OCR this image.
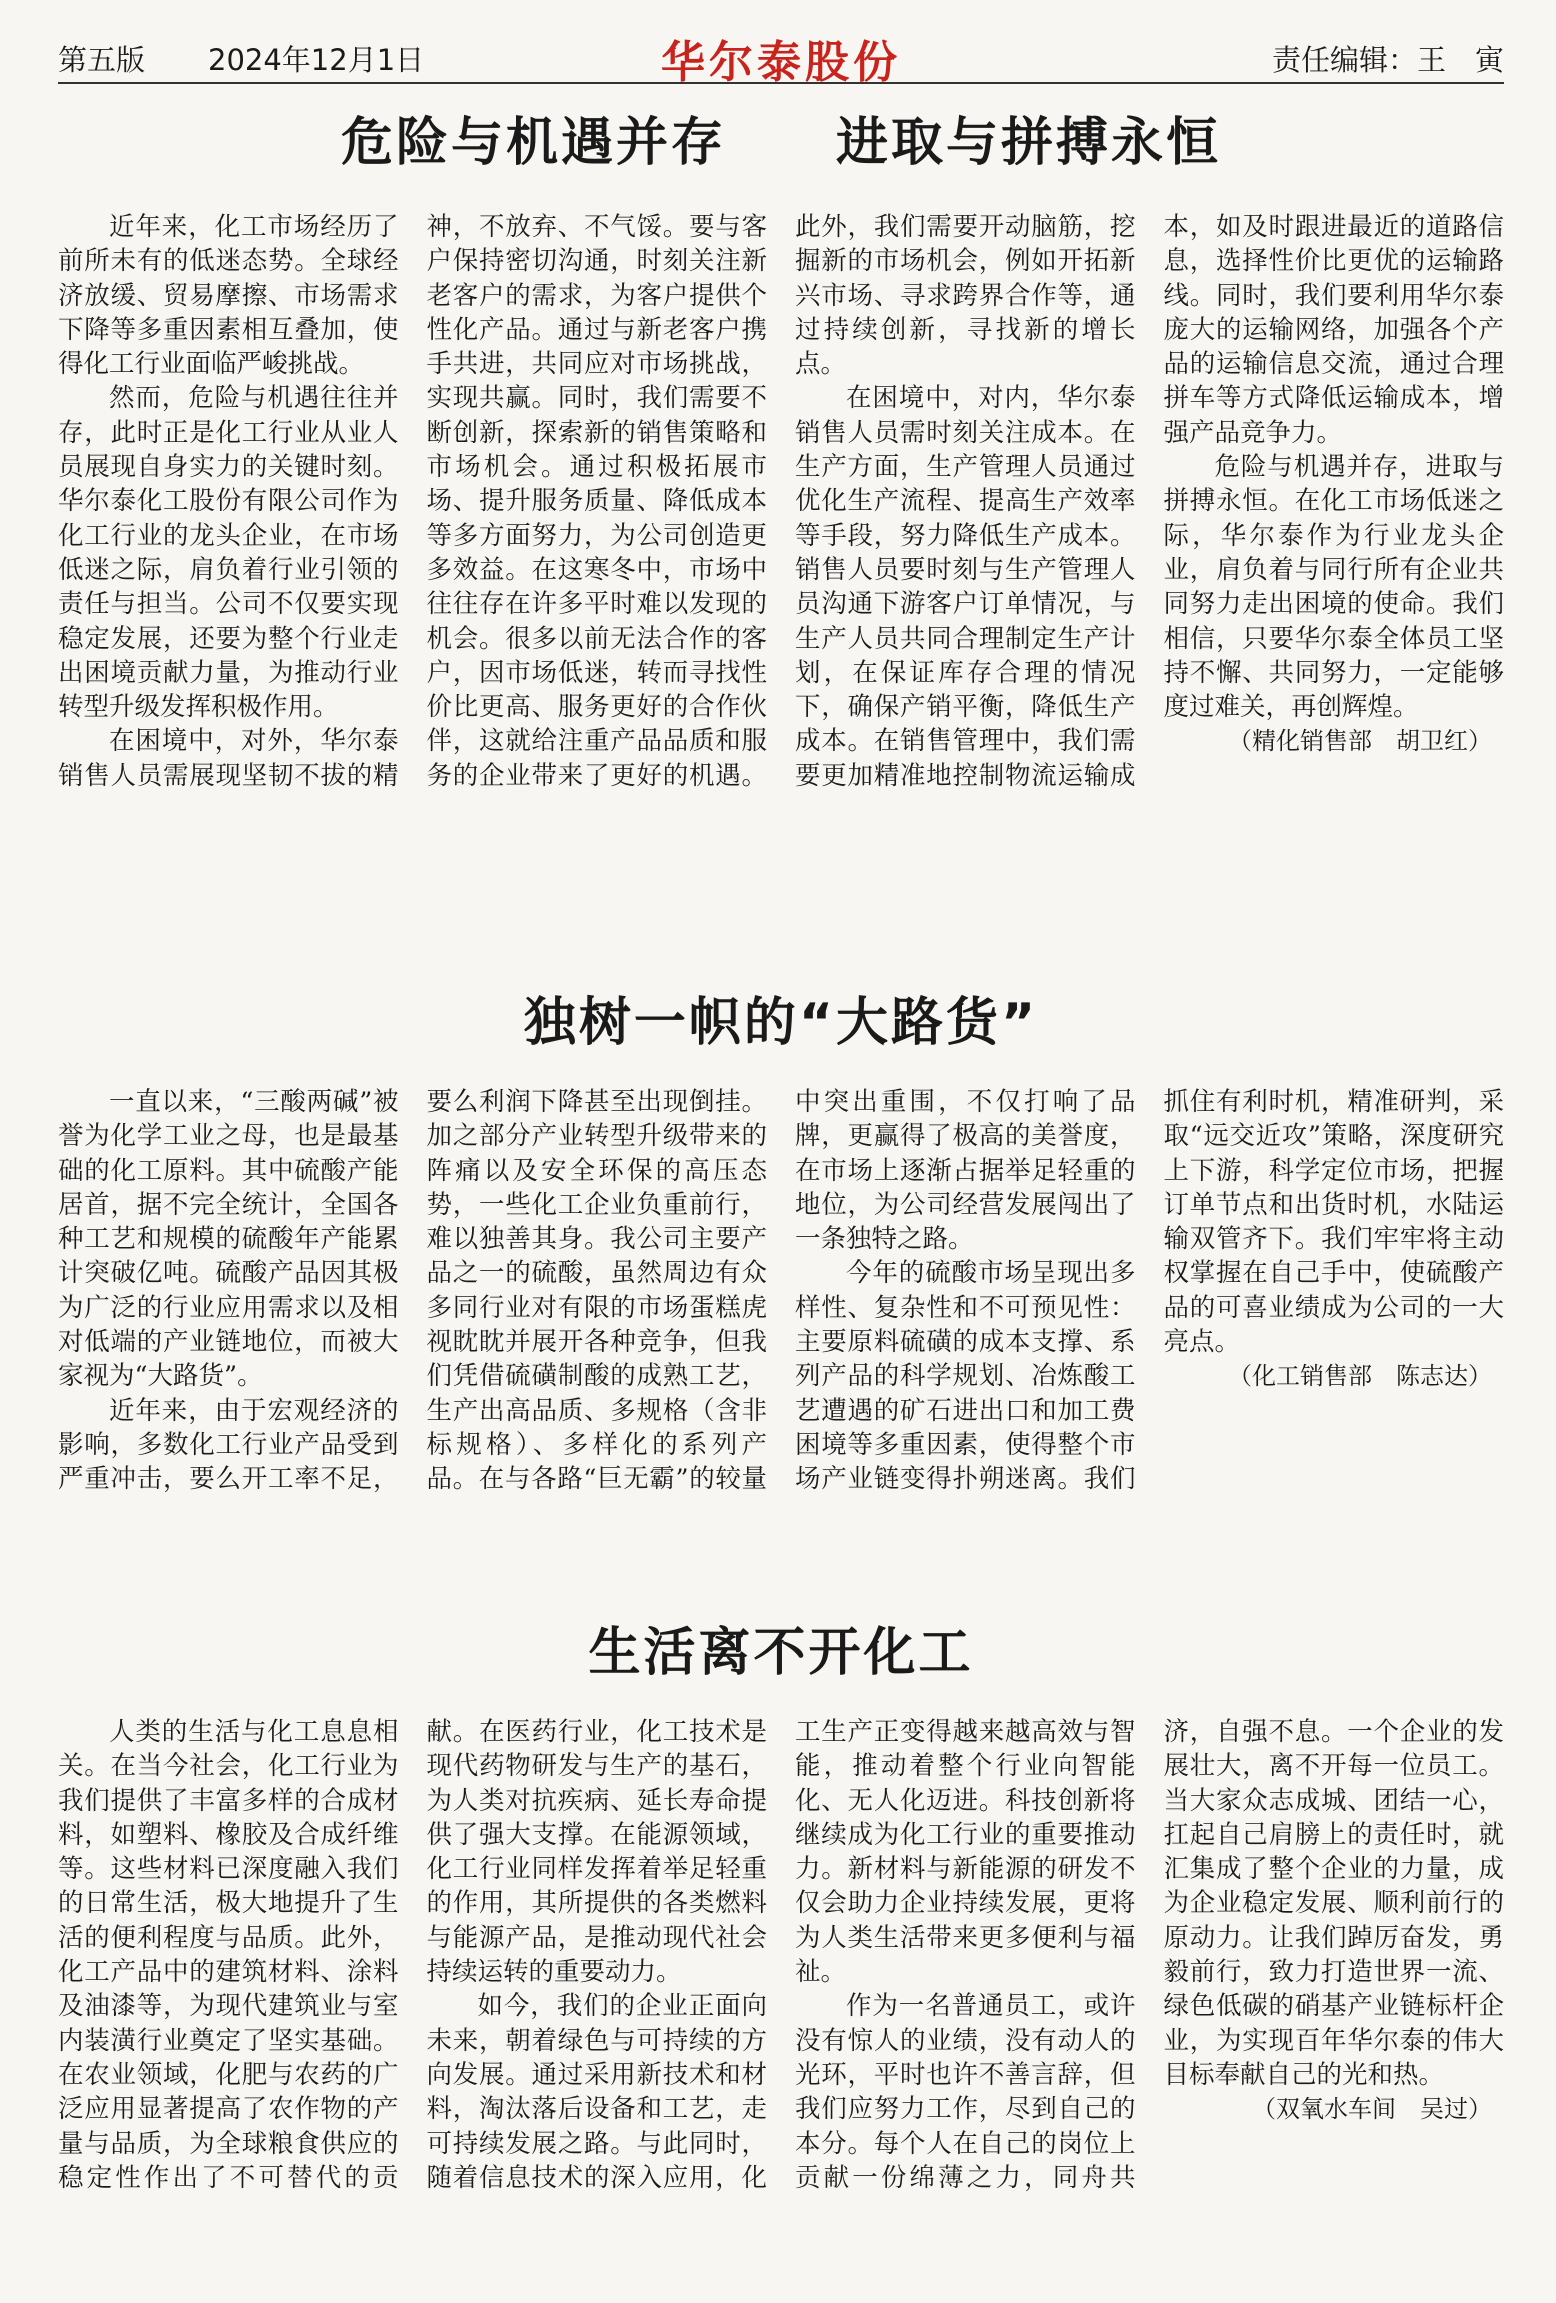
第五版 2024年12月1日	华尔泰股份	责任编辑：王　寅
危险与机遇并存　　进取与拼搏永恒

近年来，化工市场经历了前所未有的低迷态势。全球经济放缓、贸易摩擦、市场需求下降等多重因素相互叠加，使得化工行业面临严峻挑战。

然而，危险与机遇往往并存，此时正是化工行业从业人员展现自身实力的关键时刻。华尔泰化工股份有限公司作为化工行业的龙头企业，在市场低迷之际，肩负着行业引领的责任与担当。公司不仅要实现稳定发展，还要为整个行业走出困境贡献力量，为推动行业转型升级发挥积极作用。

在困境中，对外，华尔泰销售人员需展现坚韧不拔的精神，不放弃、不气馁。要与客户保持密切沟通，时刻关注新老客户的需求，为客户提供个性化产品。通过与新老客户携手共进，共同应对市场挑战，实现共赢。同时，我们需要不断创新，探索新的销售策略和市场机会。通过积极拓展市场、提升服务质量、降低成本等多方面努力，为公司创造更多效益。在这寒冬中，市场中往往存在许多平时难以发现的机会。很多以前无法合作的客户，因市场低迷，转而寻找性价比更高、服务更好的合作伙伴，这就给注重产品品质和服务的企业带来了更好的机遇。此外，我们需要开动脑筋，挖掘新的市场机会，例如开拓新兴市场、寻求跨界合作等，通过持续创新，寻找新的增长点。

在困境中，对内，华尔泰销售人员需时刻关注成本。在生产方面，生产管理人员通过优化生产流程、提高生产效率等手段，努力降低生产成本。销售人员要时刻与生产管理人员沟通下游客户订单情况，与生产人员共同合理制定生产计划，在保证库存合理的情况下，确保产销平衡，降低生产成本。在销售管理中，我们需要更加精准地控制物流运输成本，如及时跟进最近的道路信息，选择性价比更优的运输路线。同时，我们要利用华尔泰庞大的运输网络，加强各个产品的运输信息交流，通过合理拼车等方式降低运输成本，增强产品竞争力。

危险与机遇并存，进取与拼搏永恒。在化工市场低迷之际，华尔泰作为行业龙头企业，肩负着与同行所有企业共同努力走出困境的使命。我们相信，只要华尔泰全体员工坚持不懈、共同努力，一定能够度过难关，再创辉煌。

（精化销售部　胡卫红）
独树一帜的“大路货”

一直以来，“三酸两碱”被誉为化学工业之母，也是最基础的化工原料。其中硫酸产能居首，据不完全统计，全国各种工艺和规模的硫酸年产能累计突破亿吨。硫酸产品因其极为广泛的行业应用需求以及相对低端的产业链地位，而被大家视为“大路货”。

近年来，由于宏观经济的影响，多数化工行业产品受到严重冲击，要么开工率不足，要么利润下降甚至出现倒挂。加之部分产业转型升级带来的阵痛以及安全环保的高压态势，一些化工企业负重前行，难以独善其身。我公司主要产品之一的硫酸，虽然周边有众多同行业对有限的市场蛋糕虎视眈眈并展开各种竞争，但我们凭借硫磺制酸的成熟工艺，生产出高品质、多规格（含非标规格）、多样化的系列产品。在与各路“巨无霸”的较量中突出重围，不仅打响了品牌，更赢得了极高的美誉度，在市场上逐渐占据举足轻重的地位，为公司经营发展闯出了一条独特之路。

今年的硫酸市场呈现出多样性、复杂性和不可预见性：主要原料硫磺的成本支撑、系列产品的科学规划、冶炼酸工艺遭遇的矿石进出口和加工费困境等多重因素，使得整个市场产业链变得扑朔迷离。我们抓住有利时机，精准研判，采取“远交近攻”策略，深度研究上下游，科学定位市场，把握订单节点和出货时机，水陆运输双管齐下。我们牢牢将主动权掌握在自己手中，使硫酸产品的可喜业绩成为公司的一大亮点。

（化工销售部　陈志达）
生活离不开化工

人类的生活与化工息息相关。在当今社会，化工行业为我们提供了丰富多样的合成材料，如塑料、橡胶及合成纤维等。这些材料已深度融入我们的日常生活，极大地提升了生活的便利程度与品质。此外，化工产品中的建筑材料、涂料及油漆等，为现代建筑业与室内装潢行业奠定了坚实基础。在农业领域，化肥与农药的广泛应用显著提高了农作物的产量与品质，为全球粮食供应的稳定性作出了不可替代的贡献。在医药行业，化工技术是现代药物研发与生产的基石，为人类对抗疾病、延长寿命提供了强大支撑。在能源领域，化工行业同样发挥着举足轻重的作用，其所提供的各类燃料与能源产品，是推动现代社会持续运转的重要动力。

如今，我们的企业正面向未来，朝着绿色与可持续的方向发展。通过采用新技术和材料，淘汰落后设备和工艺，走可持续发展之路。与此同时，随着信息技术的深入应用，化工生产正变得越来越高效与智能，推动着整个行业向智能化、无人化迈进。科技创新将继续成为化工行业的重要推动力。新材料与新能源的研发不仅会助力企业持续发展，更将为人类生活带来更多便利与福祉。

作为一名普通员工，或许没有惊人的业绩，没有动人的光环，平时也许不善言辞，但我们应努力工作，尽到自己的本分。每个人在自己的岗位上贡献一份绵薄之力，同舟共济，自强不息。一个企业的发展壮大，离不开每一位员工。当大家众志成城、团结一心，扛起自己肩膀上的责任时，就汇集成了整个企业的力量，成为企业稳定发展、顺利前行的原动力。让我们踔厉奋发，勇毅前行，致力打造世界一流、绿色低碳的硝基产业链标杆企业，为实现百年华尔泰的伟大目标奉献自己的光和热。

（双氧水车间　吴过）
